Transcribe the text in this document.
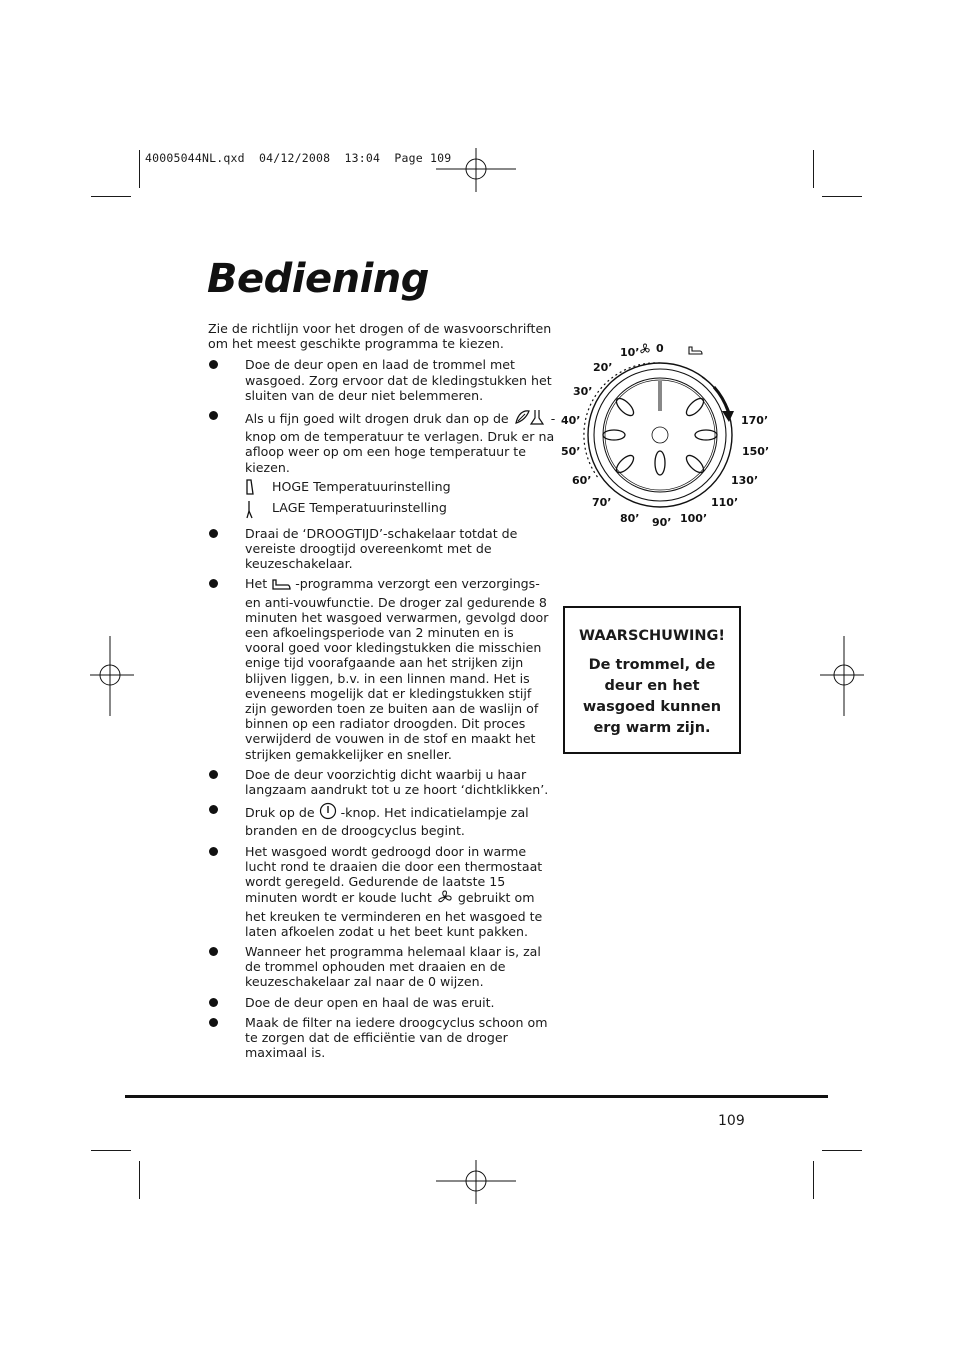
40005044NL.qxd  04/12/2008  13:04  Page 109
Bediening

Zie de richtlijn voor het drogen of de wasvoorschriften om het meest geschikte programma te kiezen.

Doe de deur open en laad de trommel met wasgoed. Zorg ervoor dat de kledingstukken het sluiten van de deur niet belemmeren.
Als u fijn goed wilt drogen druk dan op de	-knop om de temperatuur te verlagen. Druk er na afloop weer op om een hoge temperatuur te kiezen.
HOGE Temperatuurinstelling
LAGE Temperatuurinstelling
Draai de ‘DROOGTIJD’-schakelaar totdat de vereiste droogtijd overeenkomt met de keuzeschakelaar.
Het -programma verzorgt een verzorgings- en anti-vouwfunctie. De droger zal gedurende 8 minuten het wasgoed verwarmen, gevolgd door een afkoelingsperiode van 2 minuten en is vooral goed voor kledingstukken die misschien enige tijd voorafgaande aan het strijken zijn blijven liggen, b.v. in een linnen mand. Het is eveneens mogelijk dat er kledingstukken stijf zijn geworden toen ze buiten aan de waslijn of binnen op een radiator droogden. Dit proces verwijderd de vouwen in de stof en maakt het strijken gemakkelijker en sneller.
Doe de deur voorzichtig dicht waarbij u haar langzaam aandrukt tot u ze hoort ‘dichtklikken’.
Druk op de -knop. Het indicatielampje zal branden en de droogcyclus begint.
Het wasgoed wordt gedroogd door in warme lucht rond te draaien die door een thermostaat wordt geregeld. Gedurende de laatste 15 minuten wordt er koude lucht gebruikt om het kreuken te verminderen en het wasgoed te laten afkoelen zodat u het beet kunt pakken.
Wanneer het programma helemaal klaar is, zal de trommel ophouden met draaien en de keuzeschakelaar zal naar de 0 wijzen.
Doe de deur open en haal de was eruit.
Maak de filter na iedere droogcyclus schoon om te zorgen dat de efficiëntie van de droger maximaal is.
0
10’
20’
30’
40’
50’
60’
70’
80’ 90’ 100’
110’
130’
150’
170’
WAARSCHUWING!
De trommel, de deur en het wasgoed kunnen erg warm zijn.
109
